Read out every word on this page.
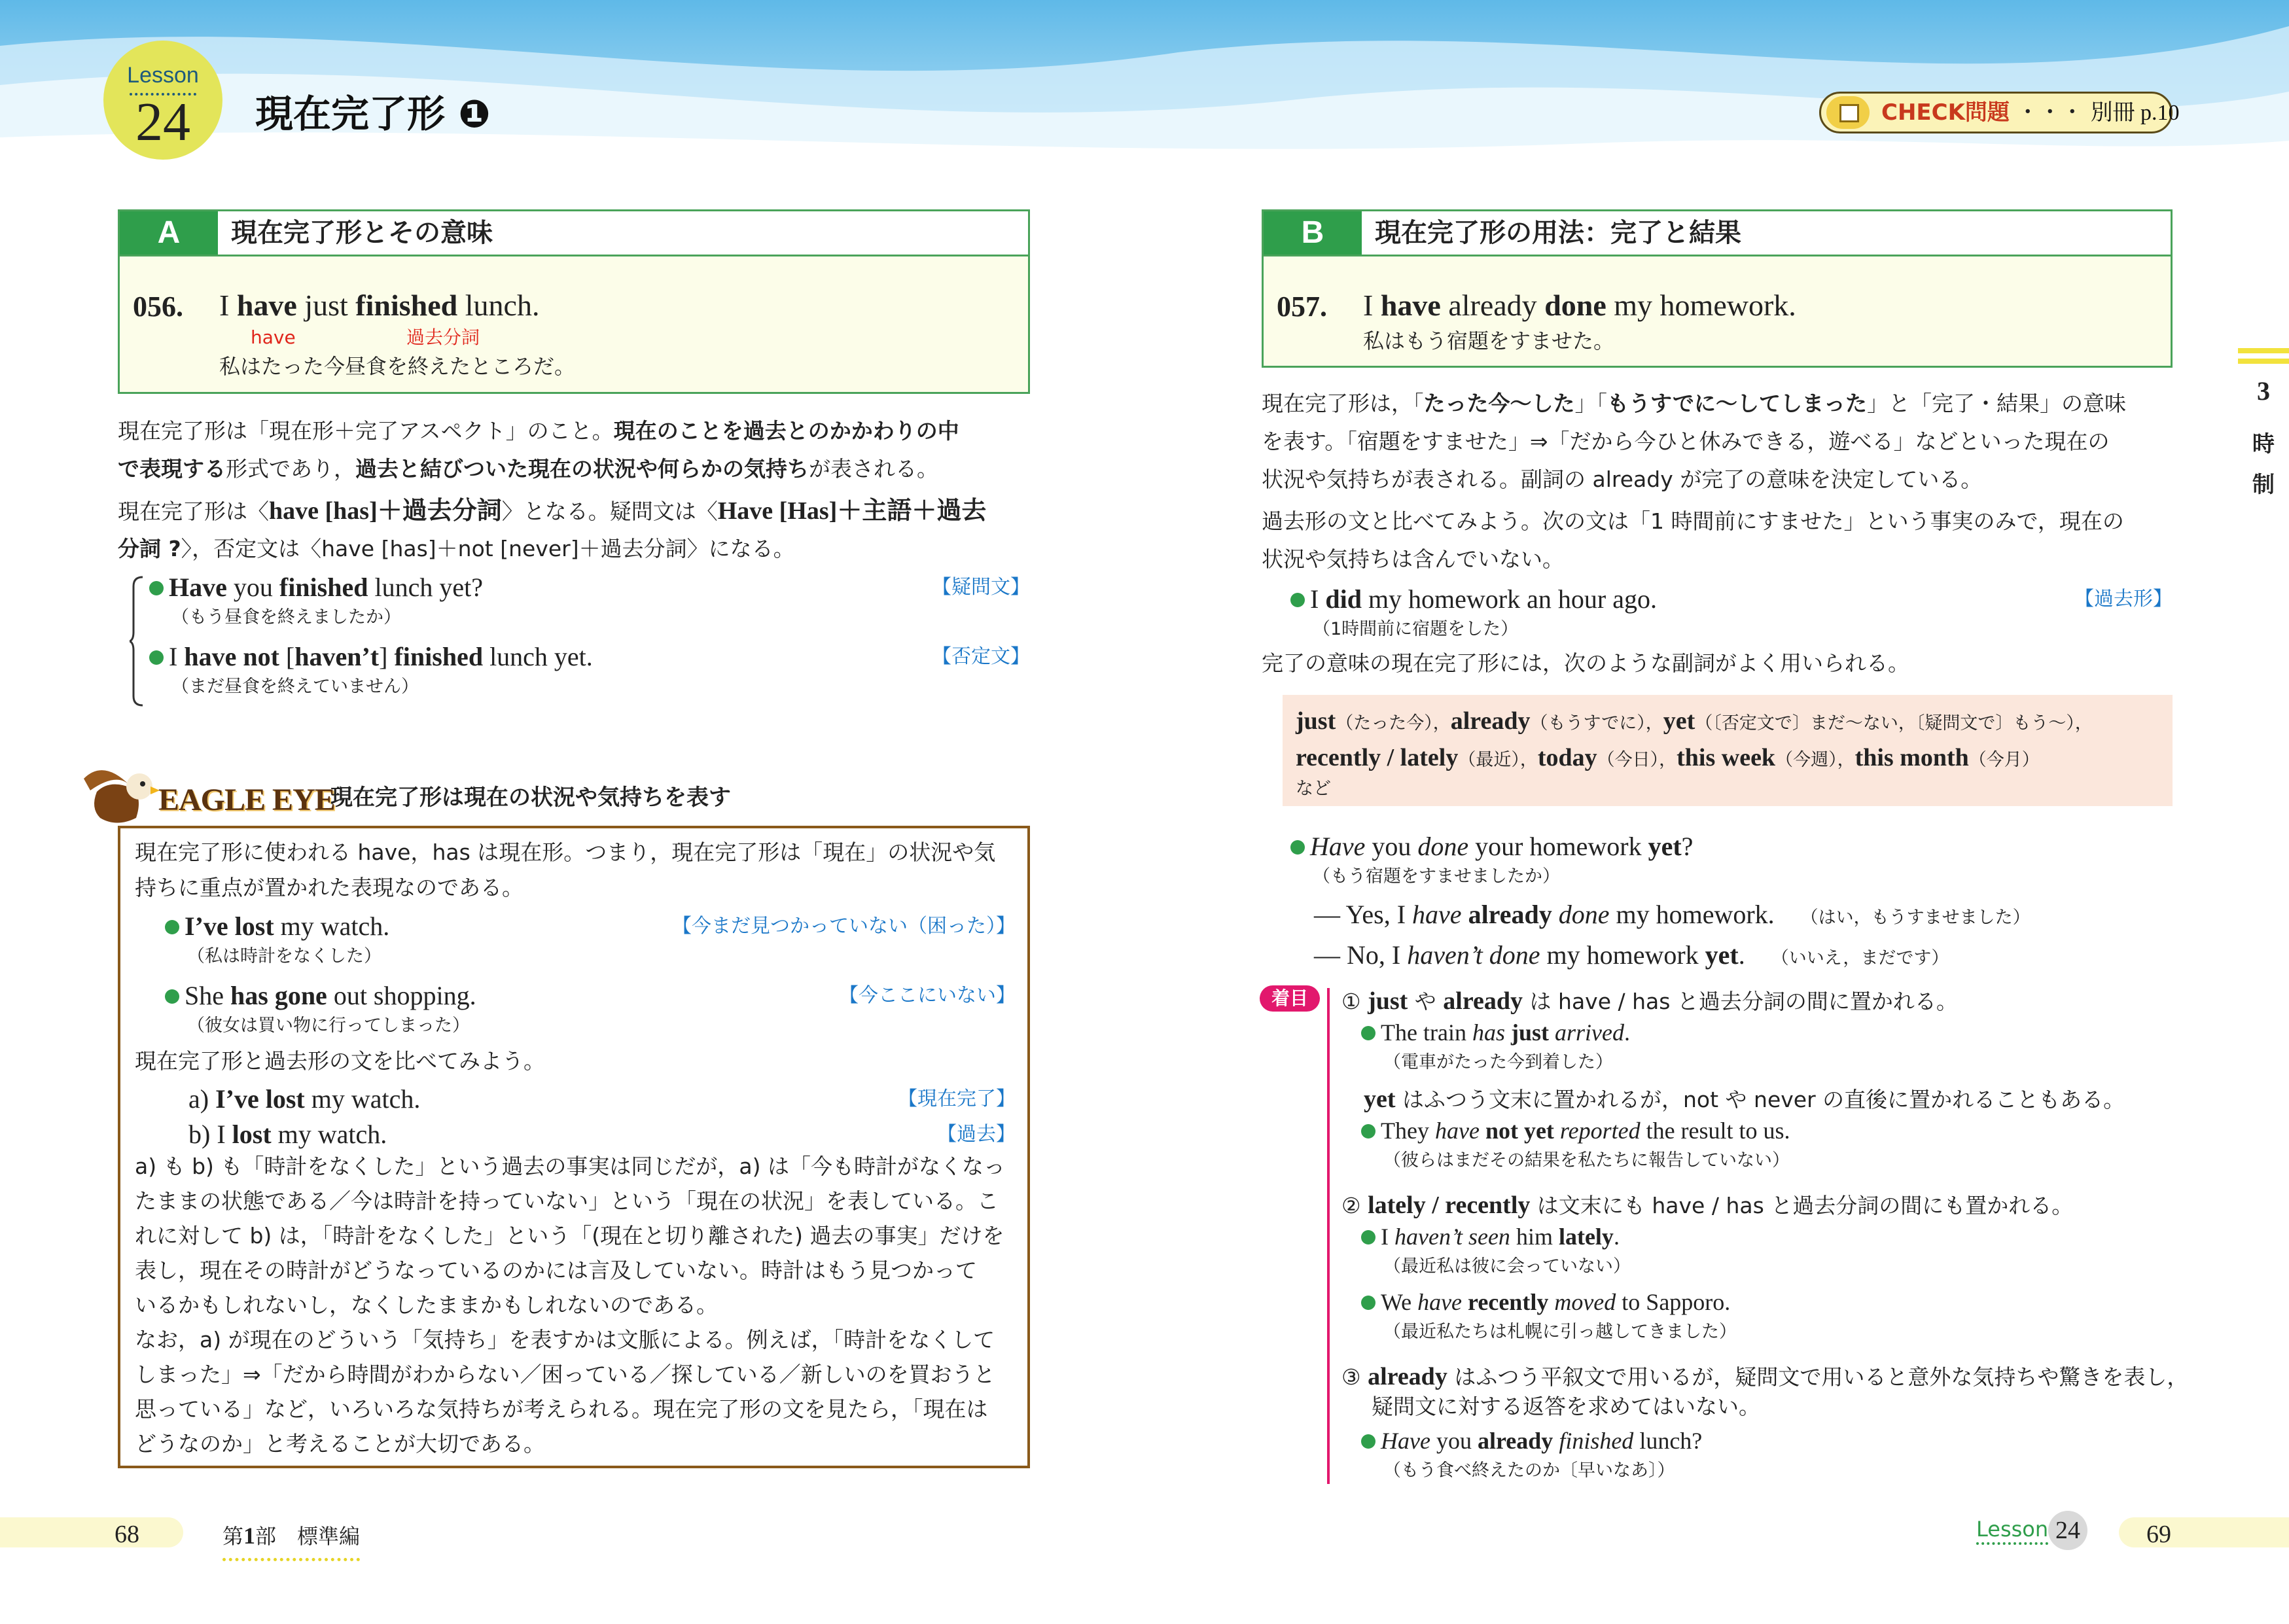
Lesson
24	現在完了形 ❶	CHECK問題 ・・・ 別冊 p.10
A	現在完了形とその意味
056. I have just finished lunch.
have	過去分詞
私はたった今昼食を終えたところだ。
現在完了形は「現在形＋完了アスペクト」のこと。現在のことを過去とのかかわりの中
で表現する形式であり，過去と結びついた現在の状況や何らかの気持ちが表される。
現在完了形は〈have [has]＋過去分詞〉となる。疑問文は〈Have [Has]＋主語＋過去
分詞 ?〉，否定文は〈have [has]＋not [never]＋過去分詞〉になる。
Have you finished lunch yet?
（もう昼食を終えましたか）
【疑問文】
I have not [haven’t] finished lunch yet.
（まだ昼食を終えていません）
【否定文】
EAGLE EYE
現在完了形は現在の状況や気持ちを表す
現在完了形に使われる have，has は現在形。つまり，現在完了形は「現在」の状況や気
持ちに重点が置かれた表現なのである。
I’ve lost my watch.
（私は時計をなくした）
【今まだ見つかっていない（困った）】
She has gone out shopping.
（彼女は買い物に行ってしまった）
【今ここにいない】
現在完了形と過去形の文を比べてみよう。
a) I’ve lost my watch.	【現在完了】
b) I lost my watch.	【過去】
a) も b) も「時計をなくした」という過去の事実は同じだが，a) は「今も時計がなくなっ
たままの状態である／今は時計を持っていない」という「現在の状況」を表している。こ
れに対して b) は，「時計をなくした」という「(現在と切り離された) 過去の事実」だけを
表し，現在その時計がどうなっているのかには言及していない。時計はもう見つかって
いるかもしれないし，なくしたままかもしれないのである。
なお，a) が現在のどういう「気持ち」を表すかは文脈による。例えば，「時計をなくして
しまった」⇒「だから時間がわからない／困っている／探している／新しいのを買おうと
思っている」など，いろいろな気持ちが考えられる。現在完了形の文を見たら，「現在は
どうなのか」と考えることが大切である。
68	第1部　標準編
B	現在完了形の用法：完了と結果
057. I have already done my homework.
私はもう宿題をすませた。
現在完了形は，「たった今〜した」「もうすでに〜してしまった」と「完了・結果」の意味
を表す。「宿題をすませた」⇒「だから今ひと休みできる，遊べる」などといった現在の
状況や気持ちが表される。副詞の already が完了の意味を決定している。
過去形の文と比べてみよう。次の文は「1 時間前にすませた」という事実のみで，現在の
状況や気持ちは含んでいない。
I did my homework an hour ago.
（1時間前に宿題をした）
【過去形】
完了の意味の現在完了形には，次のような副詞がよく用いられる。
just（たった今），already（もうすでに），yet（〔否定文で〕まだ〜ない，〔疑問文で〕もう〜），
recently / lately（最近），today（今日），this week（今週），this month（今月）
など
Have you done your homework yet?
（もう宿題をすませましたか）
— Yes, I have already done my homework. （はい，もうすませました）
— No, I haven’t done my homework yet. （いいえ，まだです）
着目	① just や already は have / has と過去分詞の間に置かれる。
The train has just arrived.
（電車がたった今到着した）
yet はふつう文末に置かれるが，not や never の直後に置かれることもある。
They have not yet reported the result to us.
（彼らはまだその結果を私たちに報告していない）
② lately / recently は文末にも have / has と過去分詞の間にも置かれる。
I haven’t seen him lately.
（最近私は彼に会っていない）
We have recently moved to Sapporo.
（最近私たちは札幌に引っ越してきました）
③ already はふつう平叙文で用いるが，疑問文で用いると意外な気持ちや驚きを表し，
疑問文に対する返答を求めてはいない。
Have you already finished lunch?
（もう食べ終えたのか〔早いなあ〕）
3
時
制
Lesson 24	69
